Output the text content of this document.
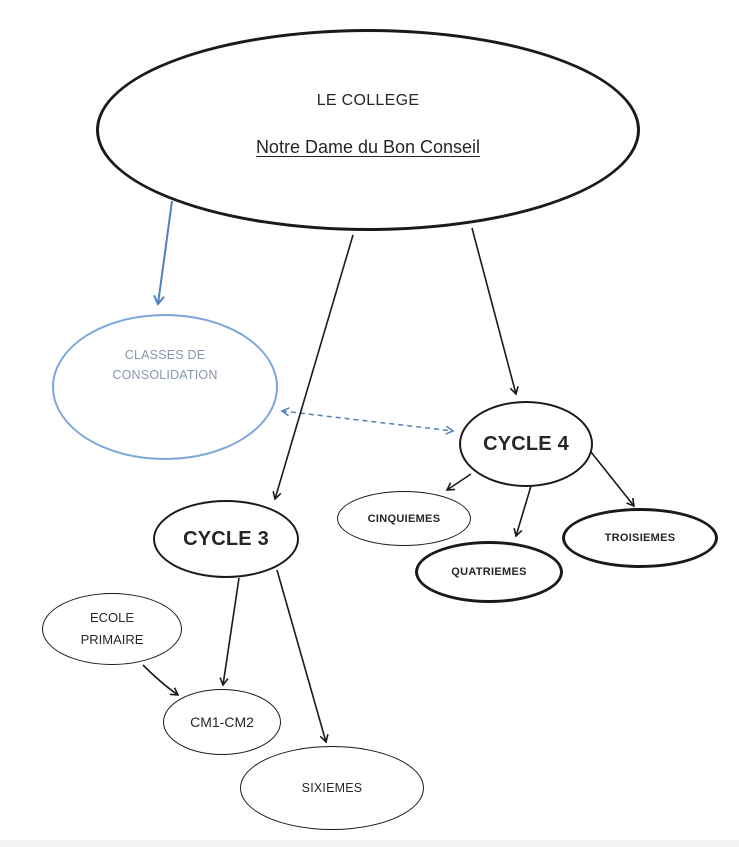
LE COLLEGE
Notre Dame du Bon Conseil
CLASSES DE
CONSOLIDATION
CYCLE 4
CYCLE 3
CINQUIEMES
QUATRIEMES
TROISIEMES
ECOLE
PRIMAIRE
CM1-CM2
SIXIEMES
